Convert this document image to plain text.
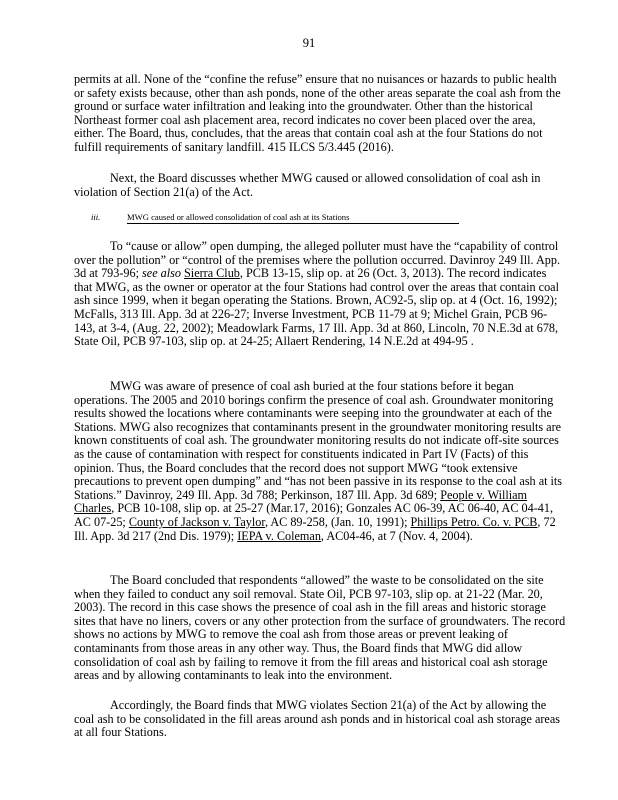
91

permits at all. None of the “confine the refuse” ensure that no nuisances or hazards to public health or safety exists because, other than ash ponds, none of the other areas separate the coal ash from the ground or surface water infiltration and leaking into the groundwater. Other than the historical Northeast former coal ash placement area, record indicates no cover been placed over the area, either. The Board, thus, concludes, that the areas that contain coal ash at the four Stations do not fulfill requirements of sanitary landfill. 415 ILCS 5/3.445 (2016).

Next, the Board discusses whether MWG caused or allowed consolidation of coal ash in violation of Section 21(a) of the Act.

iii.	MWG caused or allowed consolidation of coal ash at its Stations

To “cause or allow” open dumping, the alleged polluter must have the “capability of control over the pollution” or “control of the premises where the pollution occurred. Davinroy 249 Ill. App. 3d at 793-96; see also Sierra Club, PCB 13-15, slip op. at 26 (Oct. 3, 2013). The record indicates that MWG, as the owner or operator at the four Stations had control over the areas that contain coal ash since 1999, when it began operating the Stations. Brown, AC92-5, slip op. at 4 (Oct. 16, 1992); McFalls, 313 Ill. App. 3d at 226-27; Inverse Investment, PCB 11-79 at 9; Michel Grain, PCB 96-143, at 3-4, (Aug. 22, 2002); Meadowlark Farms, 17 Ill. App. 3d at 860, Lincoln, 70 N.E.3d at 678, State Oil, PCB 97-103, slip op. at 24-25; Allaert Rendering, 14 N.E.2d at 494-95 .

MWG was aware of presence of coal ash buried at the four stations before it began operations. The 2005 and 2010 borings confirm the presence of coal ash. Groundwater monitoring results showed the locations where contaminants were seeping into the groundwater at each of the Stations. MWG also recognizes that contaminants present in the groundwater monitoring results are known constituents of coal ash. The groundwater monitoring results do not indicate off-site sources as the cause of contamination with respect for constituents indicated in Part IV (Facts) of this opinion. Thus, the Board concludes that the record does not support MWG “took extensive precautions to prevent open dumping” and “has not been passive in its response to the coal ash at its Stations.” Davinroy, 249 Ill. App. 3d 788; Perkinson, 187 Ill. App. 3d 689; People v. William Charles, PCB 10-108, slip op. at 25-27 (Mar.17, 2016); Gonzales AC 06-39, AC 06-40, AC 04-41, AC 07-25; County of Jackson v. Taylor, AC 89-258, (Jan. 10, 1991); Phillips Petro. Co. v. PCB, 72 Ill. App. 3d 217 (2nd Dis. 1979); IEPA v. Coleman, AC04-46, at 7 (Nov. 4, 2004).

The Board concluded that respondents “allowed” the waste to be consolidated on the site when they failed to conduct any soil removal. State Oil, PCB 97-103, slip op. at 21-22 (Mar. 20, 2003). The record in this case shows the presence of coal ash in the fill areas and historic storage sites that have no liners, covers or any other protection from the surface of groundwaters. The record shows no actions by MWG to remove the coal ash from those areas or prevent leaking of contaminants from those areas in any other way. Thus, the Board finds that MWG did allow consolidation of coal ash by failing to remove it from the fill areas and historical coal ash storage areas and by allowing contaminants to leak into the environment.

Accordingly, the Board finds that MWG violates Section 21(a) of the Act by allowing the coal ash to be consolidated in the fill areas around ash ponds and in historical coal ash storage areas at all four Stations.
